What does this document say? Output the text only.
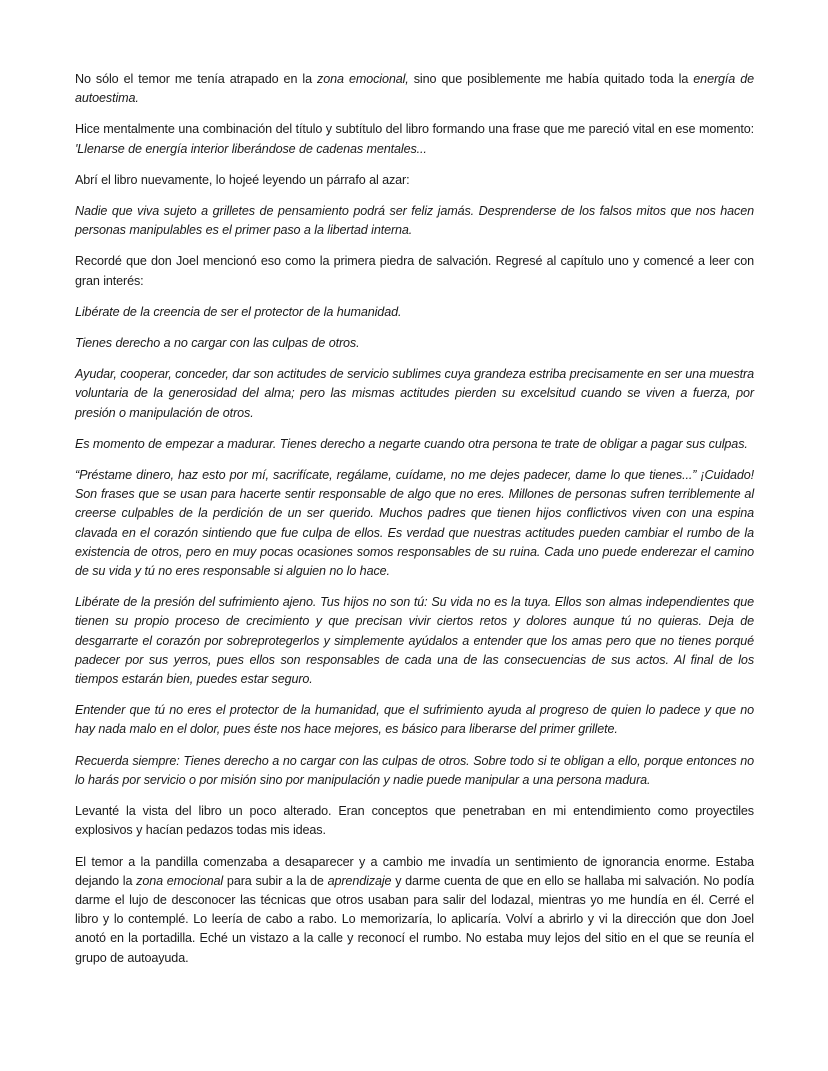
No sólo el temor me tenía atrapado en la zona emocional, sino que posiblemente me había quitado toda la energía de autoestima.

Hice mentalmente una combinación del título y subtítulo del libro formando una frase que me pareció vital en ese momento: 'Llenarse de energía interior liberándose de cadenas mentales...

Abrí el libro nuevamente, lo hojeé leyendo un párrafo al azar:

Nadie que viva sujeto a grilletes de pensamiento podrá ser feliz jamás. Desprenderse de los falsos mitos que nos hacen personas manipulables es el primer paso a la libertad interna.

Recordé que don Joel mencionó eso como la primera piedra de salvación. Regresé al capítulo uno y comencé a leer con gran interés:

Libérate de la creencia de ser el protector de la humanidad.

Tienes derecho a no cargar con las culpas de otros.

Ayudar, cooperar, conceder, dar son actitudes de servicio sublimes cuya grandeza estriba precisamente en ser una muestra voluntaria de la generosidad del alma; pero las mismas actitudes pierden su excelsitud cuando se viven a fuerza, por presión o manipulación de otros.

Es momento de empezar a madurar. Tienes derecho a negarte cuando otra persona te trate de obligar a pagar sus culpas.

“Préstame dinero, haz esto por mí, sacrifícate, regálame, cuídame, no me dejes padecer, dame lo que tienes...” ¡Cuidado! Son frases que se usan para hacerte sentir responsable de algo que no eres. Millones de personas sufren terriblemente al creerse culpables de la perdición de un ser querido. Muchos padres que tienen hijos conflictivos viven con una espina clavada en el corazón sintiendo que fue culpa de ellos. Es verdad que nuestras actitudes pueden cambiar el rumbo de la existencia de otros, pero en muy pocas ocasiones somos responsables de su ruina. Cada uno puede enderezar el camino de su vida y tú no eres responsable si alguien no lo hace.

Libérate de la presión del sufrimiento ajeno. Tus hijos no son tú: Su vida no es la tuya. Ellos son almas independientes que tienen su propio proceso de crecimiento y que precisan vivir ciertos retos y dolores aunque tú no quieras. Deja de desgarrarte el corazón por sobreprotegerlos y simplemente ayúdalos a entender que los amas pero que no tienes porqué padecer por sus yerros, pues ellos son responsables de cada una de las consecuencias de sus actos. Al final de los tiempos estarán bien, puedes estar seguro.

Entender que tú no eres el protector de la humanidad, que el sufrimiento ayuda al progreso de quien lo padece y que no hay nada malo en el dolor, pues éste nos hace mejores, es básico para liberarse del primer grillete.

Recuerda siempre: Tienes derecho a no cargar con las culpas de otros. Sobre todo si te obligan a ello, porque entonces no lo harás por servicio o por misión sino por manipulación y nadie puede manipular a una persona madura.

Levanté la vista del libro un poco alterado. Eran conceptos que penetraban en mi entendimiento como proyectiles explosivos y hacían pedazos todas mis ideas.

El temor a la pandilla comenzaba a desaparecer y a cambio me invadía un sentimiento de ignorancia enorme. Estaba dejando la zona emocional para subir a la de aprendizaje y darme cuenta de que en ello se hallaba mi salvación. No podía darme el lujo de desconocer las técnicas que otros usaban para salir del lodazal, mientras yo me hundía en él. Cerré el libro y lo contemplé. Lo leería de cabo a rabo. Lo memorizaría, lo aplicaría. Volví a abrirlo y vi la dirección que don Joel anotó en la portadilla. Eché un vistazo a la calle y reconocí el rumbo. No estaba muy lejos del sitio en el que se reunía el grupo de autoayuda.
